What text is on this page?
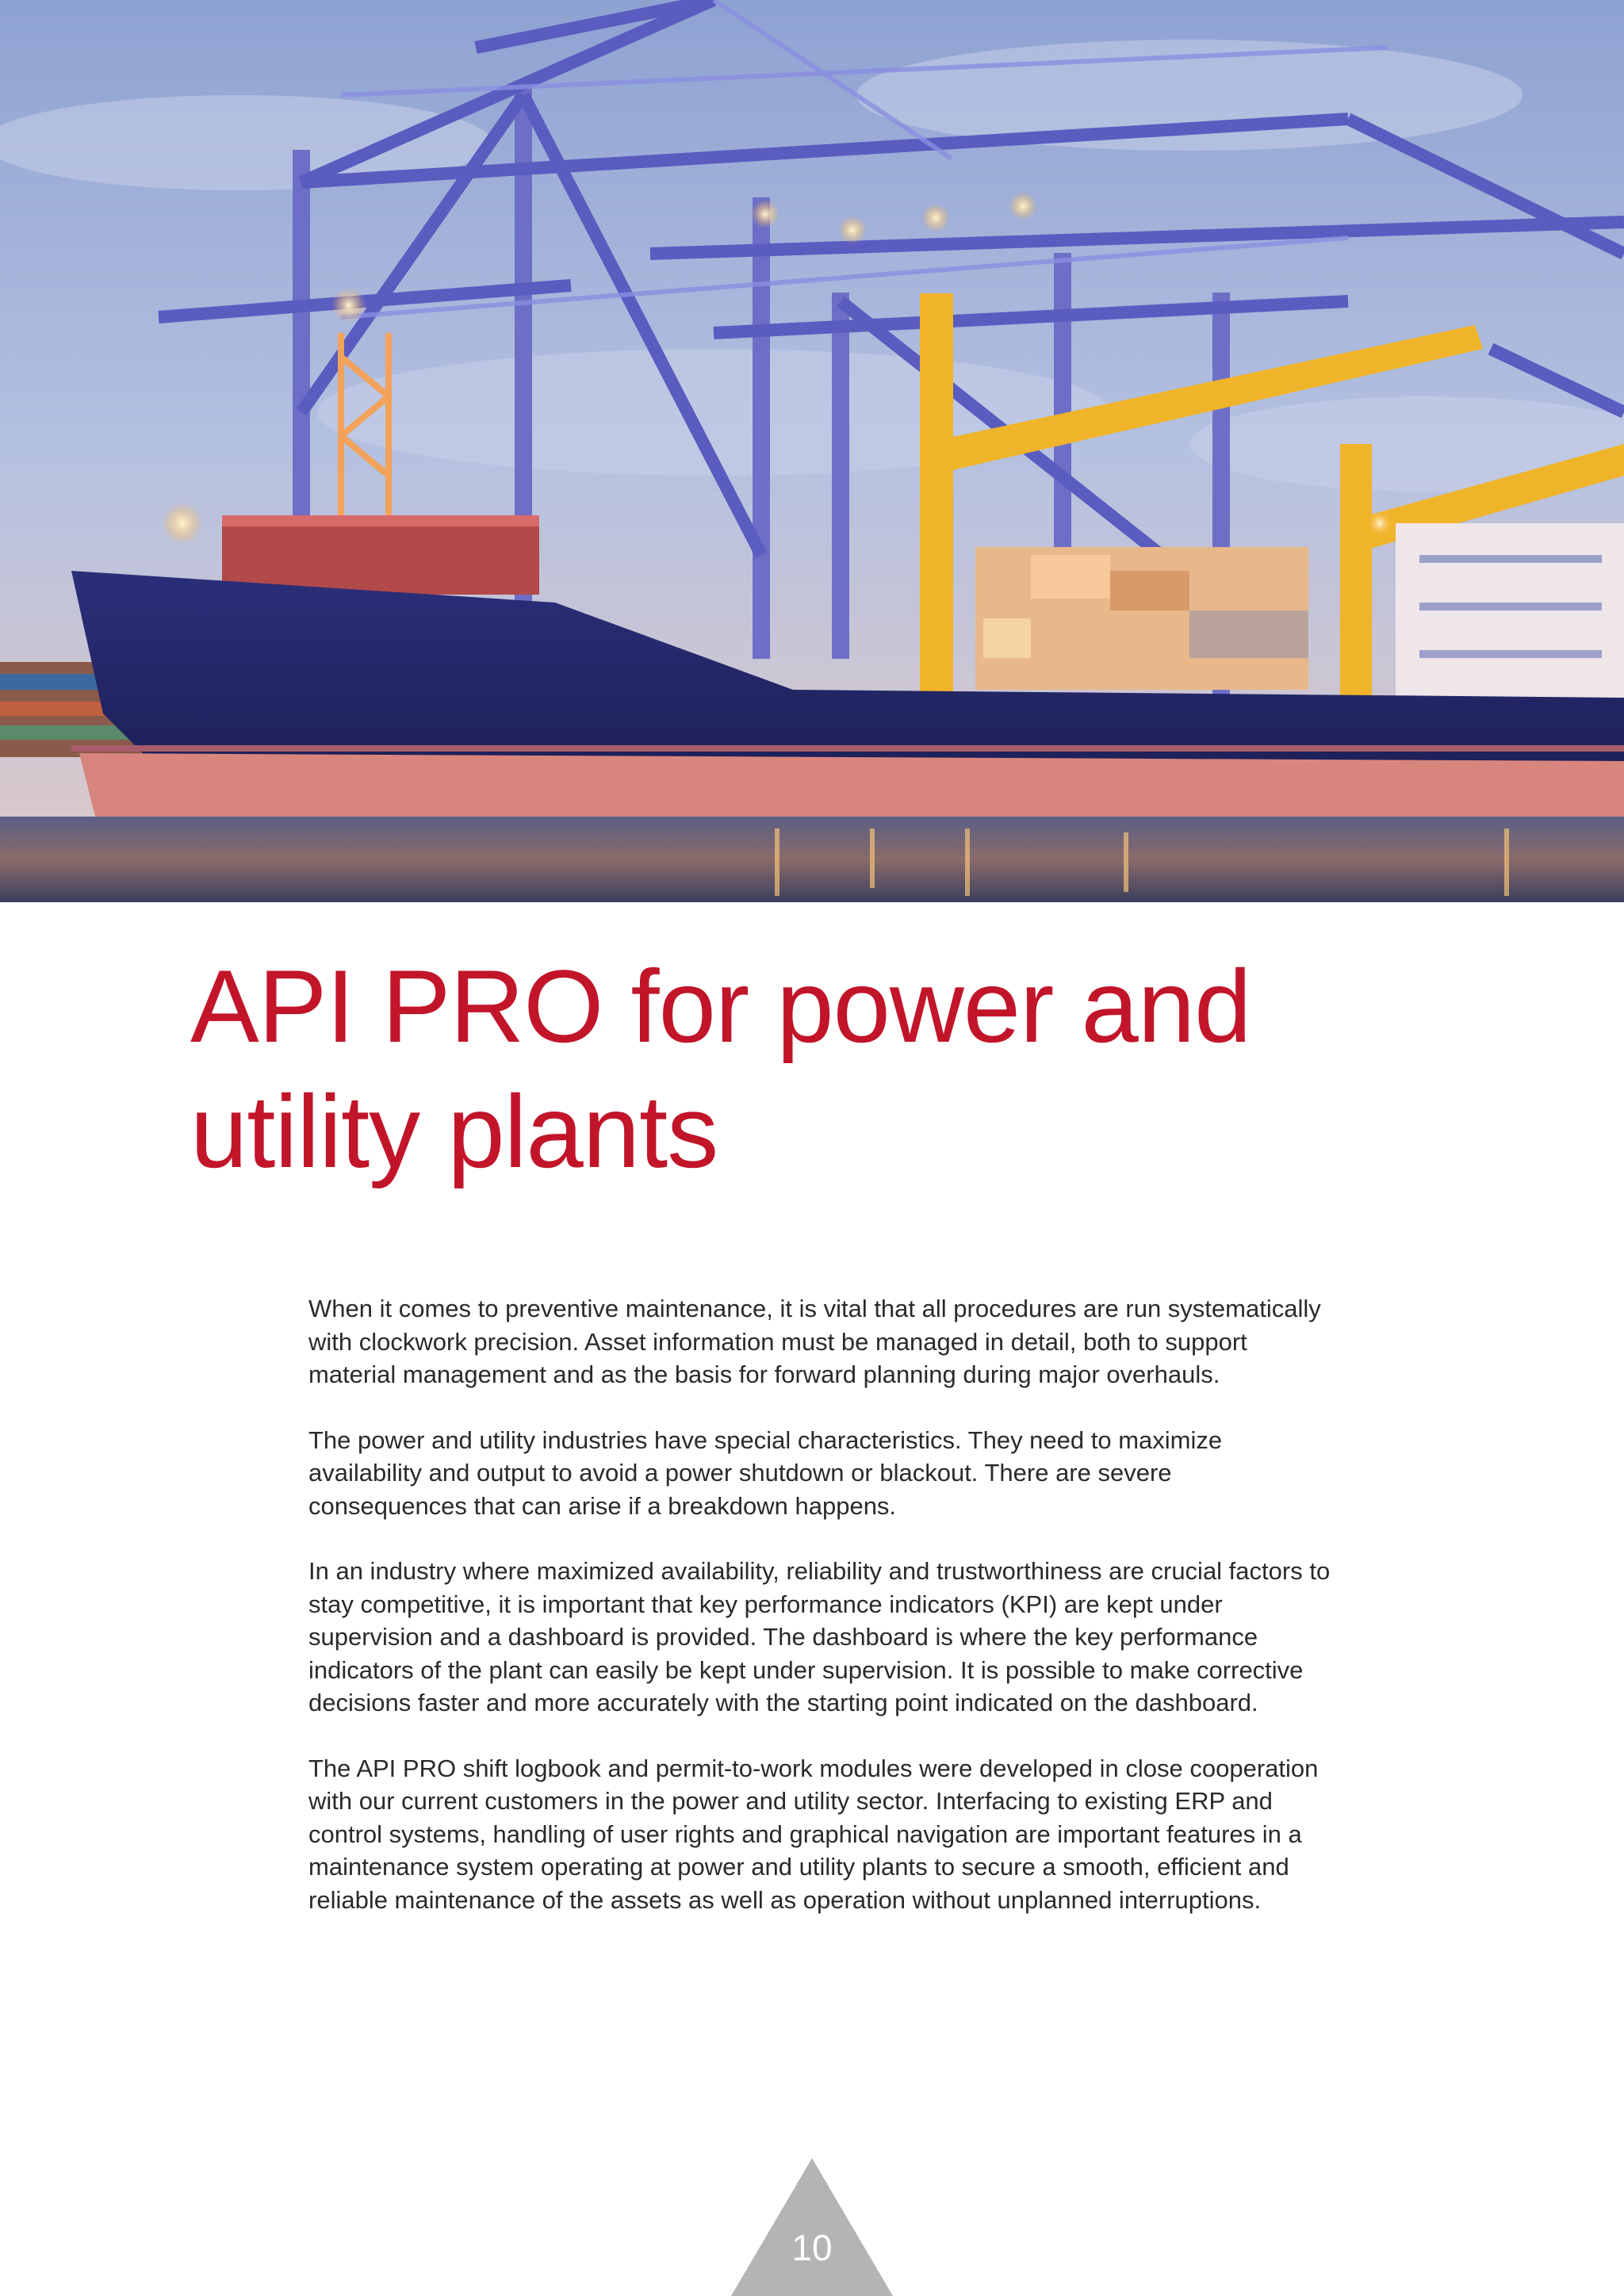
API PRO for power and utility plants

When it comes to preventive maintenance, it is vital that all procedures are run systematically with clockwork precision. Asset information must be managed in detail, both to support material management and as the basis for forward planning during major overhauls.

The power and utility industries have special characteristics. They need to maximize availability and output to avoid a power shutdown or blackout. There are severe consequences that can arise if a breakdown happens.

In an industry where maximized availability, reliability and trustworthiness are crucial factors to stay competitive, it is important that key performance indicators (KPI) are kept under supervision and a dashboard is provided. The dashboard is where the key performance indicators of the plant can easily be kept under supervision. It is possible to make corrective decisions faster and more accurately with the starting point indicated on the dashboard.

The API PRO shift logbook and permit-to-work modules were developed in close cooperation with our current customers in the power and utility sector. Interfacing to existing ERP and control systems, handling of user rights and graphical navigation are important features in a maintenance system operating at power and utility plants to secure a smooth, efficient and reliable maintenance of the assets as well as operation without unplanned interruptions.

10
